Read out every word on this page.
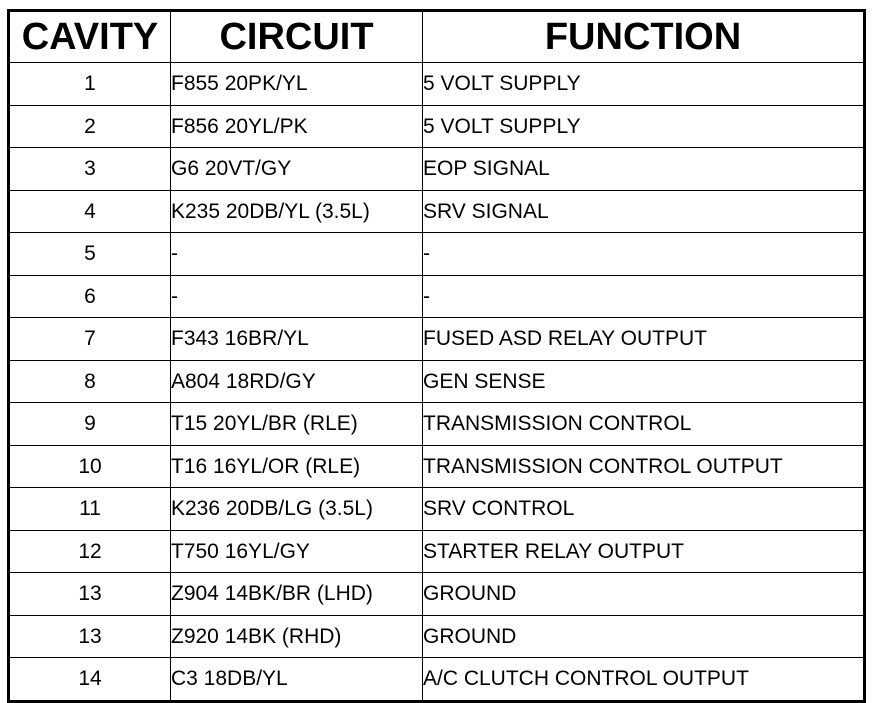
CAVITY	CIRCUIT	FUNCTION
1	F855 20PK/YL	5 VOLT SUPPLY
2	F856 20YL/PK	5 VOLT SUPPLY
3	G6 20VT/GY	EOP SIGNAL
4	K235 20DB/YL (3.5L)	SRV SIGNAL
5	-	-
6	-	-
7	F343 16BR/YL	FUSED ASD RELAY OUTPUT
8	A804 18RD/GY	GEN SENSE
9	T15 20YL/BR (RLE)	TRANSMISSION CONTROL
10	T16 16YL/OR (RLE)	TRANSMISSION CONTROL OUTPUT
11	K236 20DB/LG (3.5L)	SRV CONTROL
12	T750 16YL/GY	STARTER RELAY OUTPUT
13	Z904 14BK/BR (LHD)	GROUND
13	Z920 14BK (RHD)	GROUND
14	C3 18DB/YL	A/C CLUTCH CONTROL OUTPUT
